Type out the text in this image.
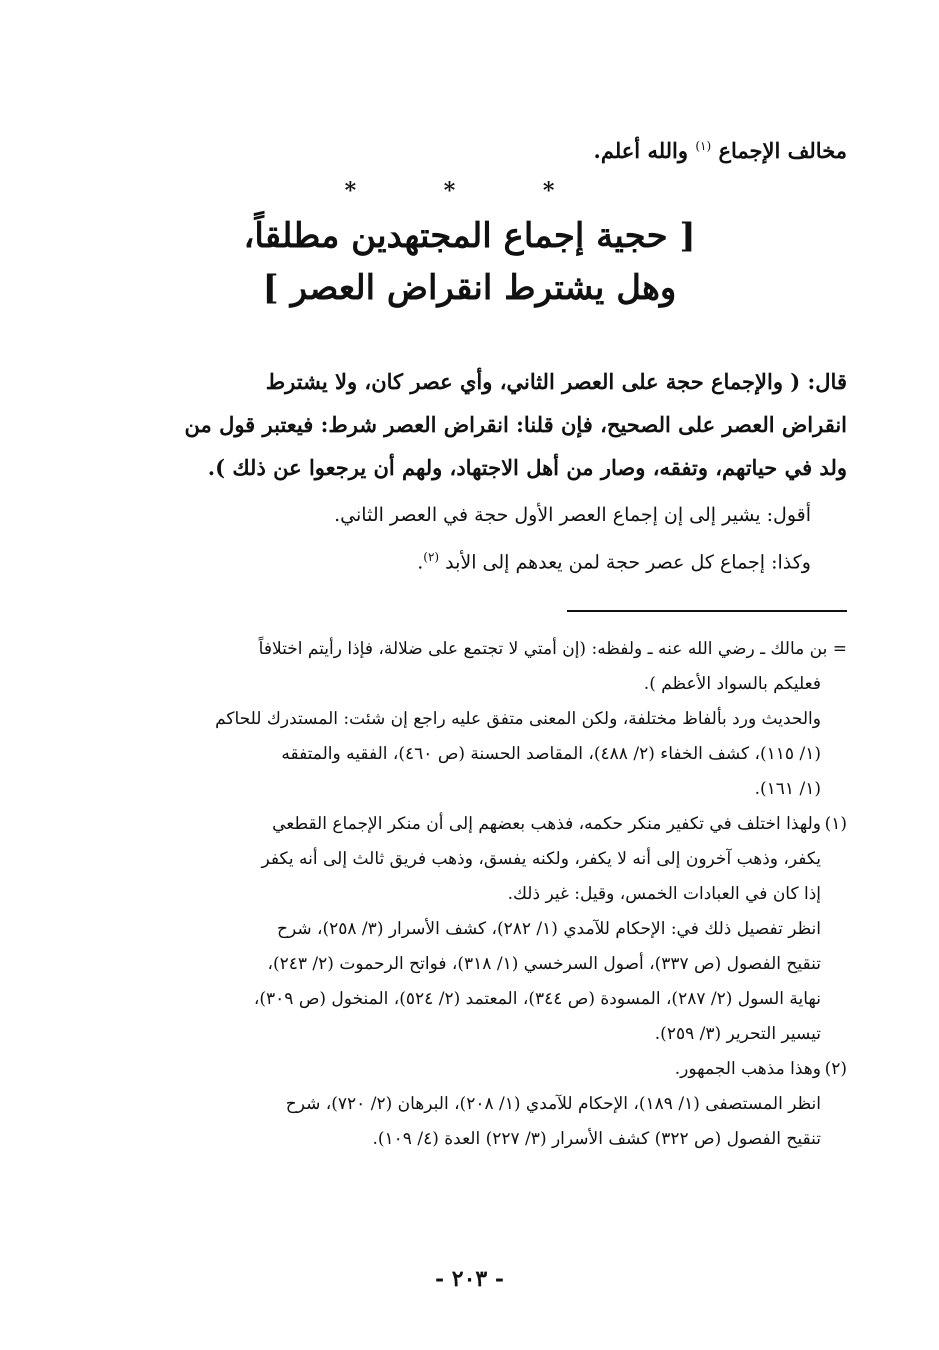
مخالف الإجماع $^{(١)}$ والله أعلم.
* * *
[ حجية إجماع المجتهدين مطلقاً،
وهل يشترط انقراض العصر ]
قال: ( والإجماع حجة على العصر الثاني، وأي عصر كان، ولا يشترط
انقراض العصر على الصحيح، فإن قلنا: انقراض العصر شرط: فيعتبر قول من
ولد في حياتهم، وتفقه، وصار من أهل الاجتهاد، ولهم أن يرجعوا عن ذلك ).
أقول: يشير إلى إن إجماع العصر الأول حجة في العصر الثاني.
وكذا: إجماع كل عصر حجة لمن يعدهم إلى الأبد $^{(٢)}$.
= بن مالك ـ رضي الله عنه ـ ولفظه: (إن أمتي لا تجتمع على ضلالة، فإذا رأيتم اختلافاً
فعليكم بالسواد الأعظم ).
والحديث ورد بألفاظ مختلفة، ولكن المعنى متفق عليه راجع إن شئت: المستدرك للحاكم
(١/ ١١٥)، كشف الخفاء (٢/ ٤٨٨)، المقاصد الحسنة (ص ٤٦٠)، الفقيه والمتفقه
(١/ ١٦١).
(١)ولهذا اختلف في تكفير منكر حكمه، فذهب بعضهم إلى أن منكر الإجماع القطعي
يكفر، وذهب آخرون إلى أنه لا يكفر، ولكنه يفسق، وذهب فريق ثالث إلى أنه يكفر
إذا كان في العبادات الخمس، وقيل: غير ذلك.
انظر تفصيل ذلك في: الإحكام للآمدي (١/ ٢٨٢)، كشف الأسرار (٣/ ٢٥٨)، شرح
تنقيح الفصول (ص ٣٣٧)، أصول السرخسي (١/ ٣١٨)، فواتح الرحموت (٢/ ٢٤٣)،
نهاية السول (٢/ ٢٨٧)، المسودة (ص ٣٤٤)، المعتمد (٢/ ٥٢٤)، المنخول (ص ٣٠٩)،
تيسير التحرير (٣/ ٢٥٩).
(٢)وهذا مذهب الجمهور.
انظر المستصفى (١/ ١٨٩)، الإحكام للآمدي (١/ ٢٠٨)، البرهان (٢/ ٧٢٠)، شرح
تنقيح الفصول (ص ٣٢٢) كشف الأسرار (٣/ ٢٢٧) العدة (٤/ ١٠٩).
- ٢٠٣ -
